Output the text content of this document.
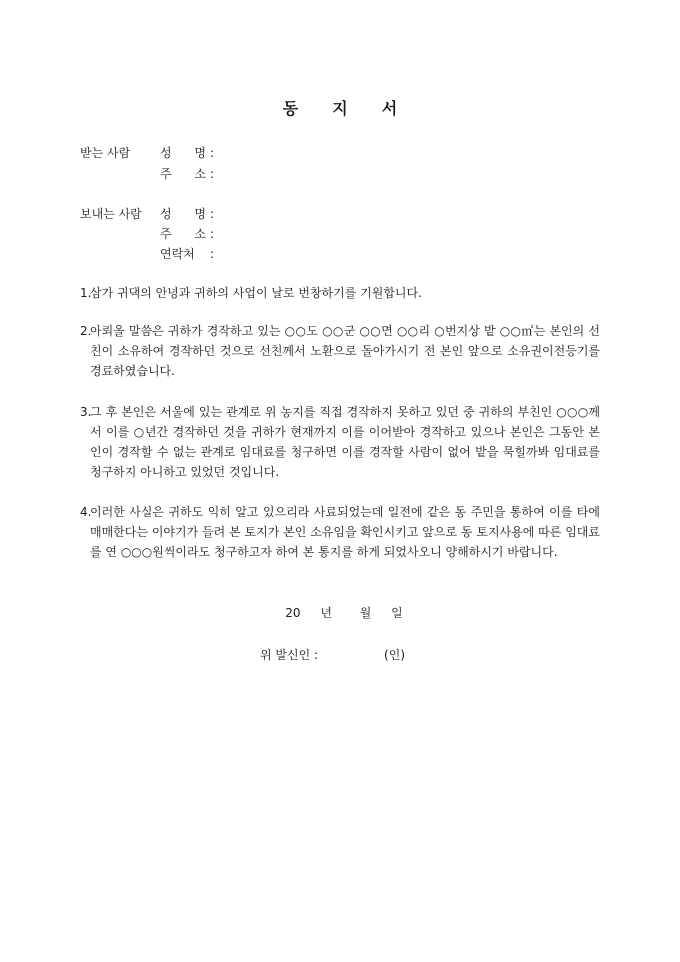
동 지 서
받는 사람	성 명 :
주 소 :
보내는 사람	성 명 :
주 소 :
연락처 :
1.
삼가 귀댁의 안녕과 귀하의 사업이 날로 번창하기를 기원합니다.
2.
아뢰올 말씀은 귀하가 경작하고 있는 ○○도 ○○군 ○○면 ○○리 ○번지상 밭 ○○㎡는 본인의 선친이 소유하여 경작하던 것으로 선친께서 노환으로 돌아가시기 전 본인 앞으로 소유권이전등기를 경료하였습니다.
3.
그 후 본인은 서울에 있는 관계로 위 농지를 직접 경작하지 못하고 있던 중 귀하의 부친인 ○○○께서 이를 ○년간 경작하던 것을 귀하가 현재까지 이를 이어받아 경작하고 있으나 본인은 그동안 본인이 경작할 수 없는 관계로 임대료를 청구하면 이를 경작할 사람이 없어 밭을 묵힐까봐 임대료를 청구하지 아니하고 있었던 것입니다.
4.
이러한 사실은 귀하도 익히 알고 있으리라 사료되었는데 일전에 같은 동 주민을 통하여 이를 타에 매매한다는 이야기가 들려 본 토지가 본인 소유임을 확인시키고 앞으로 동 토지사용에 따른 임대료를 연 ○○○원씩이라도 청구하고자 하여 본 통지를 하게 되었사오니 양해하시기 바랍니다.
20 년 월 일
위 발신인 :	(인)
